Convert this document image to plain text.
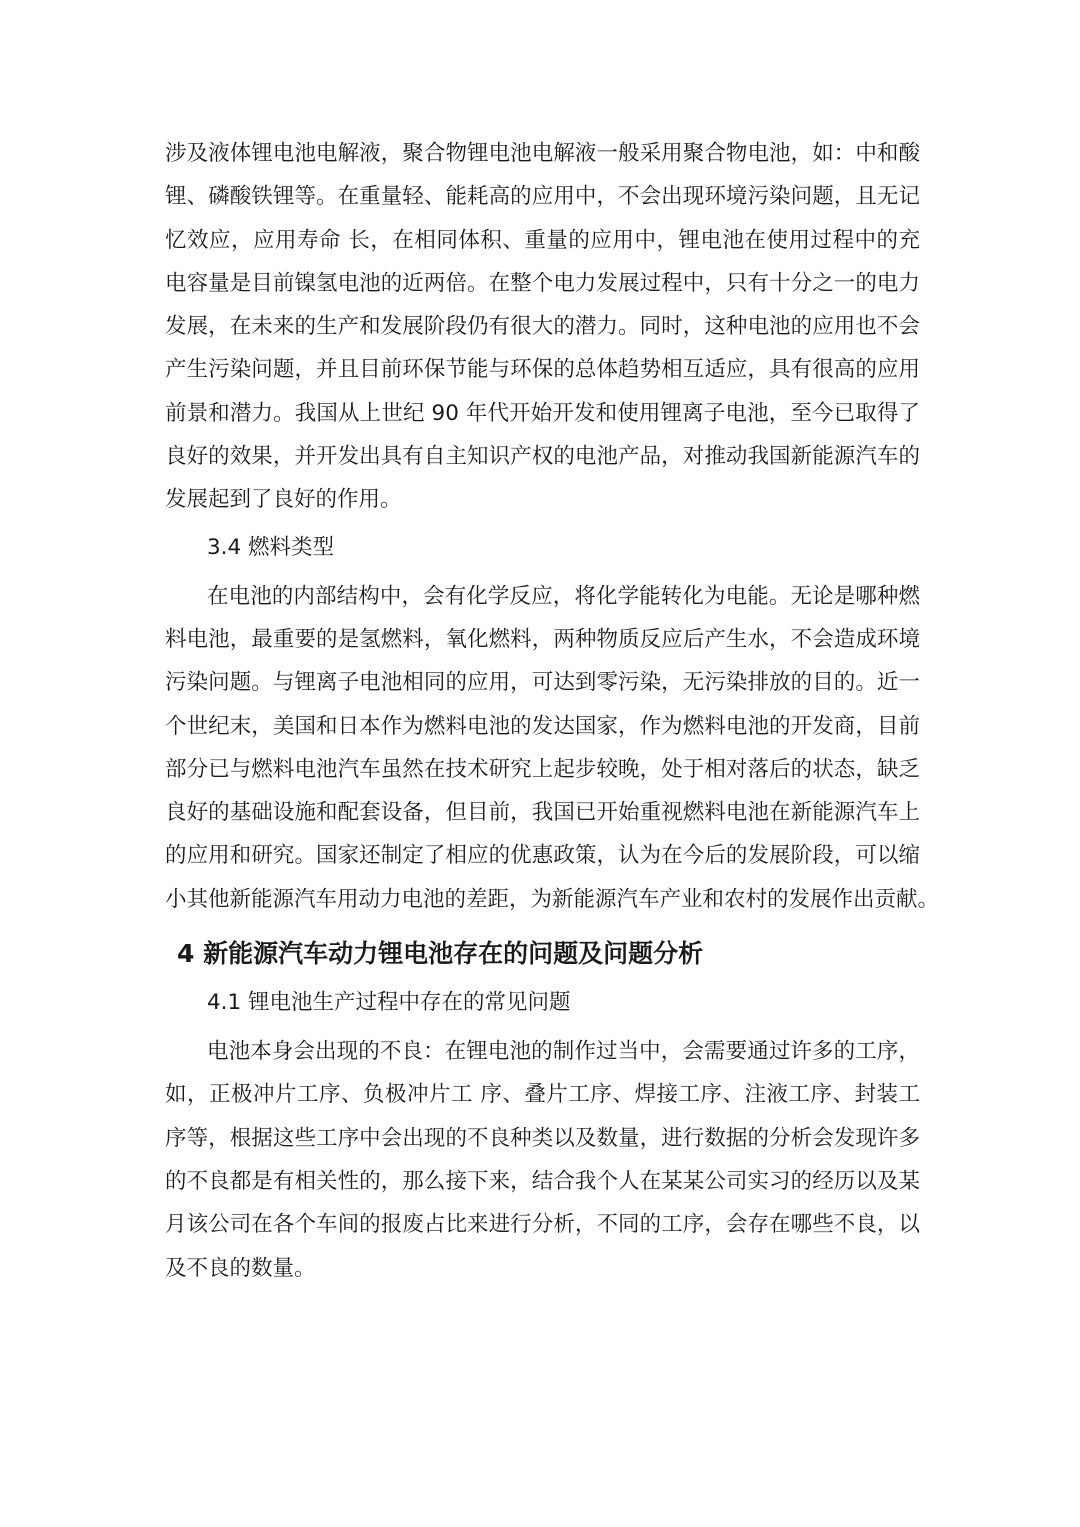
涉及液体锂电池电解液，聚合物锂电池电解液一般采用聚合物电池，如：中和酸
锂、磷酸铁锂等。在重量轻、能耗高的应用中，不会出现环境污染问题，且无记
忆效应，应用寿命 长，在相同体积、重量的应用中，锂电池在使用过程中的充
电容量是目前镍氢电池的近两倍。在整个电力发展过程中，只有十分之一的电力
发展，在未来的生产和发展阶段仍有很大的潜力。同时，这种电池的应用也不会
产生污染问题，并且目前环保节能与环保的总体趋势相互适应，具有很高的应用
前景和潜力。我国从上世纪 90 年代开始开发和使用锂离子电池，至今已取得了
良好的效果，并开发出具有自主知识产权的电池产品，对推动我国新能源汽车的
发展起到了良好的作用。
3.4 燃料类型
在电池的内部结构中，会有化学反应，将化学能转化为电能。无论是哪种燃
料电池，最重要的是氢燃料，氧化燃料，两种物质反应后产生水，不会造成环境
污染问题。与锂离子电池相同的应用，可达到零污染，无污染排放的目的。近一
个世纪末，美国和日本作为燃料电池的发达国家，作为燃料电池的开发商，目前
部分已与燃料电池汽车虽然在技术研究上起步较晚，处于相对落后的状态，缺乏
良好的基础设施和配套设备，但目前，我国已开始重视燃料电池在新能源汽车上
的应用和研究。国家还制定了相应的优惠政策，认为在今后的发展阶段，可以缩
小其他新能源汽车用动力电池的差距，为新能源汽车产业和农村的发展作出贡献。
4 新能源汽车动力锂电池存在的问题及问题分析
4.1 锂电池生产过程中存在的常见问题
电池本身会出现的不良：在锂电池的制作过当中，会需要通过许多的工序，
如，正极冲片工序、负极冲片工 序、叠片工序、焊接工序、注液工序、封装工
序等，根据这些工序中会出现的不良种类以及数量，进行数据的分析会发现许多
的不良都是有相关性的，那么接下来，结合我个人在某某公司实习的经历以及某
月该公司在各个车间的报废占比来进行分析，不同的工序，会存在哪些不良，以
及不良的数量。
